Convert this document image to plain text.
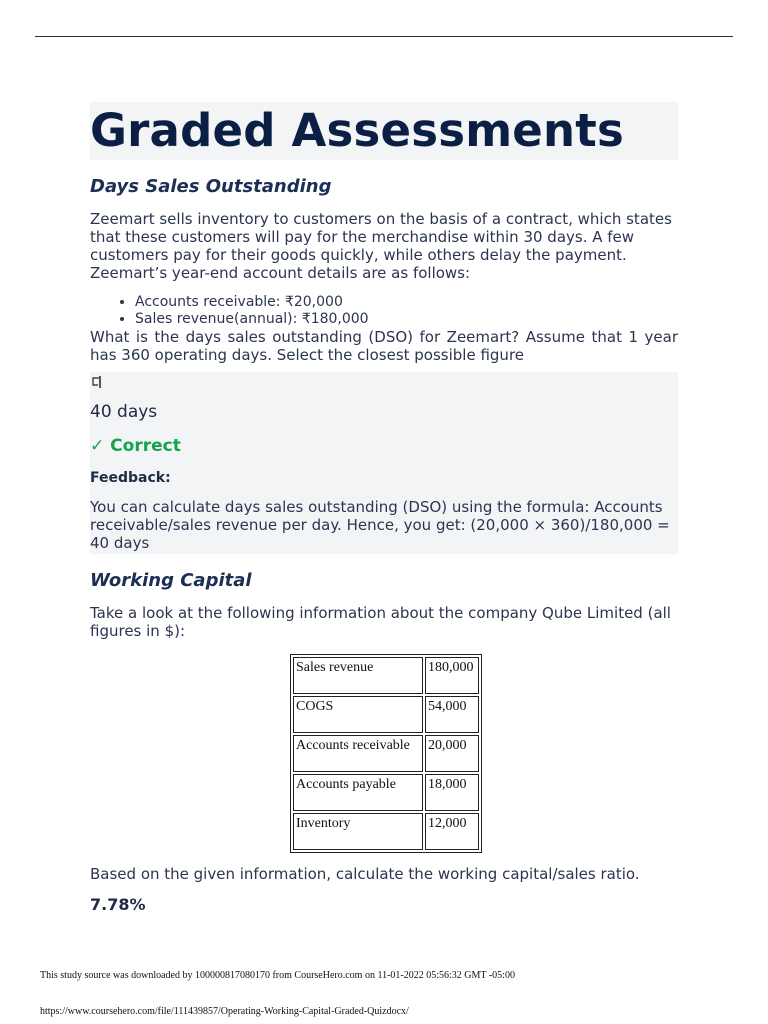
Graded Assessments
Days Sales Outstanding

Zeemart sells inventory to customers on the basis of a contract, which states that these customers will pay for the merchandise within 30 days. A few customers pay for their goods quickly, while others delay the payment. Zeemart’s year-end account details are as follows:

• Accounts receivable: ₹20,000
• Sales revenue(annual): ₹180,000

What is the days sales outstanding (DSO) for Zeemart? Assume that 1 year has 360 operating days. Select the closest possible figure

40 days

✓ Correct

Feedback:

You can calculate days sales outstanding (DSO) using the formula: Accounts receivable/sales revenue per day. Hence, you get: (20,000 × 360)/180,000 = 40 days

Working Capital

Take a look at the following information about the company Qube Limited (all figures in $):

Sales revenue	180,000
COGS	54,000
Accounts receivable	20,000
Accounts payable	18,000
Inventory	12,000

Based on the given information, calculate the working capital/sales ratio.

7.78%

This study source was downloaded by 100000817080170 from CourseHero.com on 11-01-2022 05:56:32 GMT -05:00
https://www.coursehero.com/file/111439857/Operating-Working-Capital-Graded-Quizdocx/
